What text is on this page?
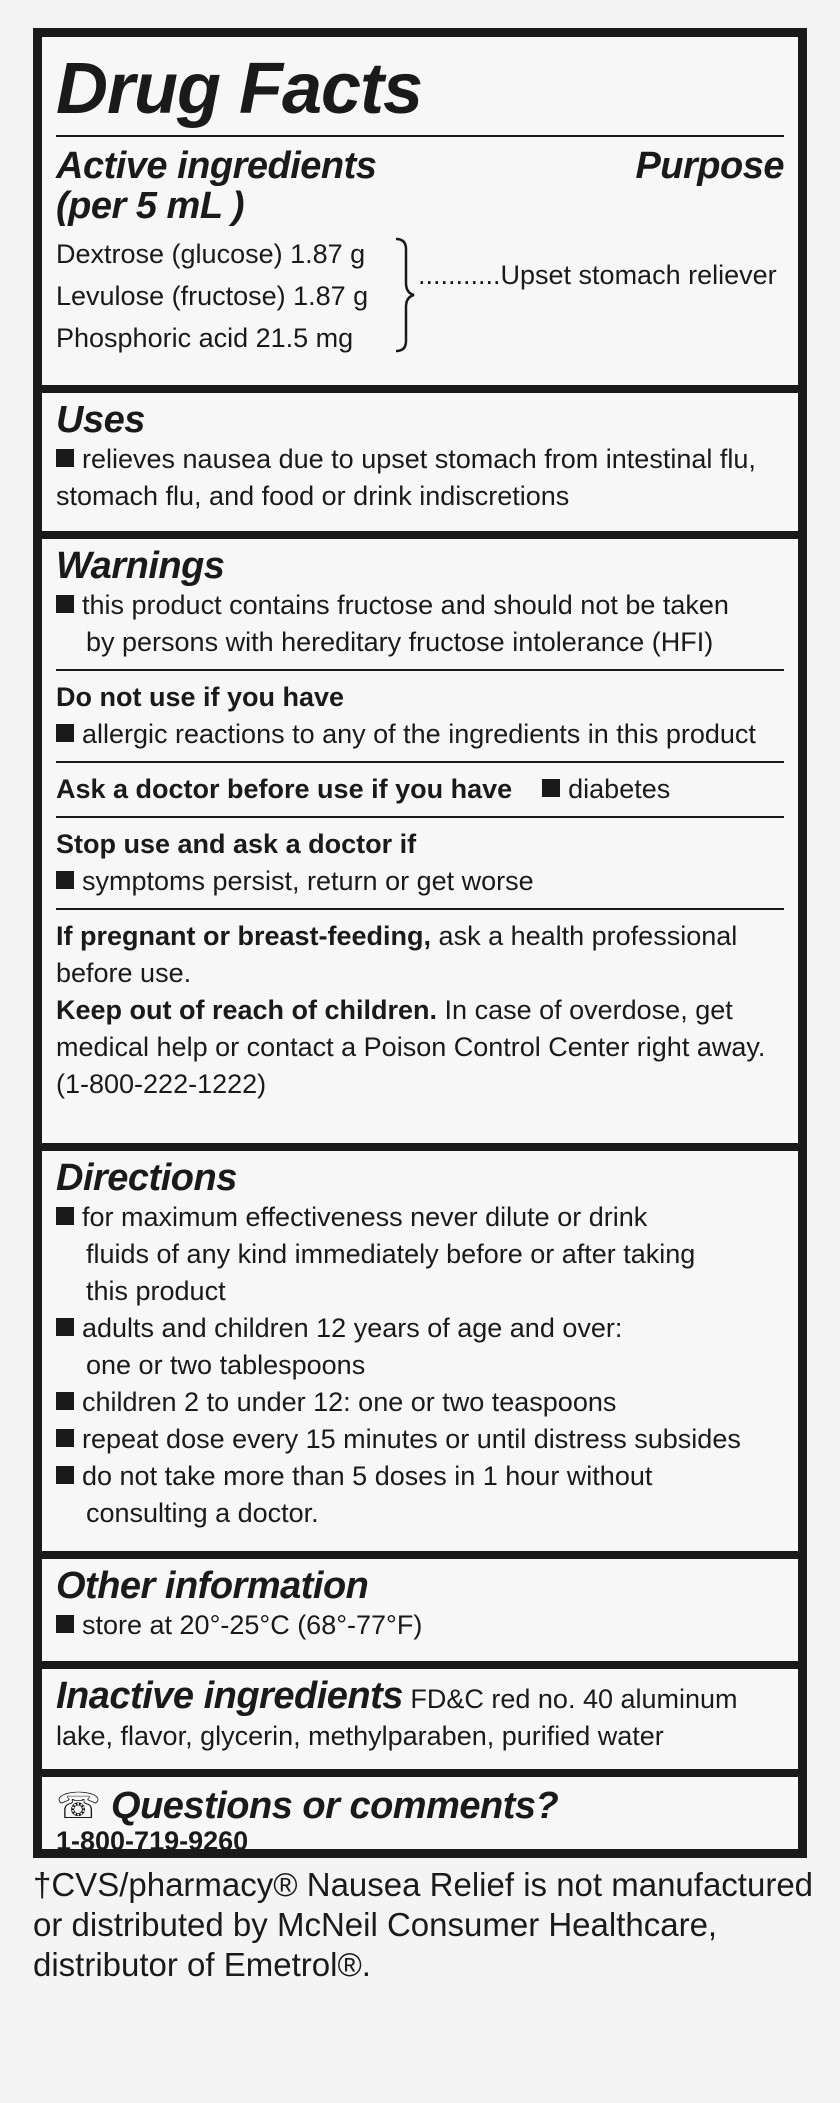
Drug Facts
Active ingredients	Purpose
(per 5 mL )
Dextrose (glucose) 1.87 g
Levulose (fructose) 1.87 g
Phosphoric acid 21.5 mg
...........Upset stomach reliever
Uses
relieves nausea due to upset stomach from intestinal flu, stomach flu, and food or drink indiscretions
Warnings
this product contains fructose and should not be taken
by persons with hereditary fructose intolerance (HFI)
Do not use if you have
allergic reactions to any of the ingredients in this product
Ask a doctor before use if you have diabetes
Stop use and ask a doctor if
symptoms persist, return or get worse
If pregnant or breast-feeding, ask a health professional before use.
Keep out of reach of children. In case of overdose, get medical help or contact a Poison Control Center right away. (1-800-222-1222)
Directions
for maximum effectiveness never dilute or drink
fluids of any kind immediately before or after taking
this product
adults and children 12 years of age and over:
one or two tablespoons
children 2 to under 12: one or two teaspoons
repeat dose every 15 minutes or until distress subsides
do not take more than 5 doses in 1 hour without
consulting a doctor.
Other information
store at 20°-25°C (68°-77°F)
Inactive ingredients FD&C red no. 40 aluminum
lake, flavor, glycerin, methylparaben, purified water
☏ Questions or comments?
1-800-719-9260
†CVS/pharmacy® Nausea Relief is not manufactured
or distributed by McNeil Consumer Healthcare,
distributor of Emetrol®.
